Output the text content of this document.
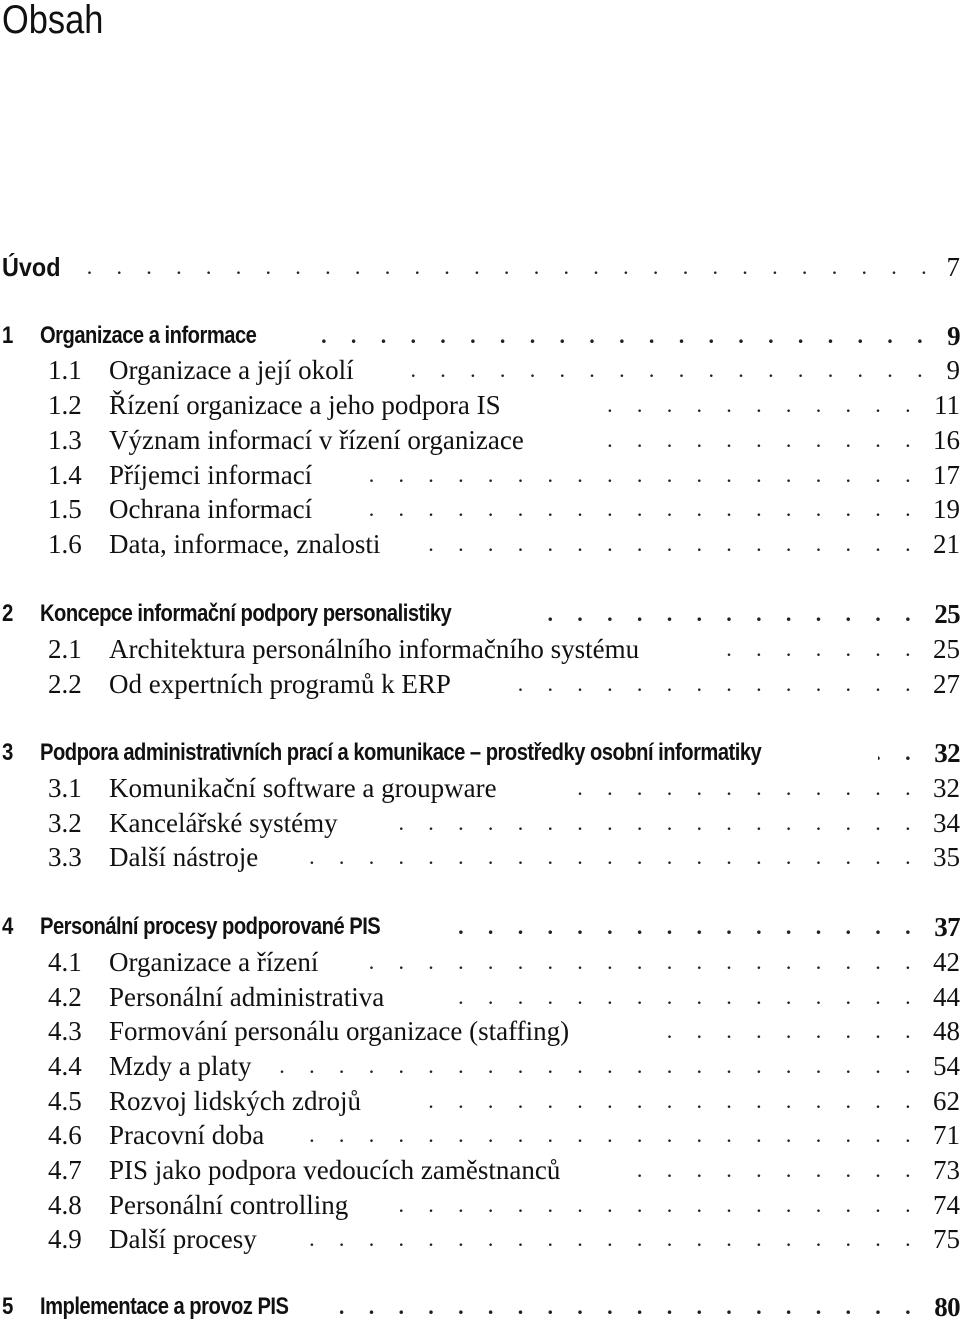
Obsah
Úvod . . .	7
1 Organizace a informace . . .	9
1.1 Organizace a její okolí . . .	9
1.2 Řízení organizace a jeho podpora IS . . .	11
1.3 Význam informací v řízení organizace . . .	16
1.4 Příjemci informací . . .	17
1.5 Ochrana informací . . .	19
1.6 Data, informace, znalosti . . .	21
2 Koncepce informační podpory personalistiky . . .	25
2.1 Architektura personálního informačního systému . . .	25
2.2 Od expertních programů k ERP . . .	27
3 Podpora administrativních prací a komunikace – prostředky osobní informatiky . . .	32
3.1 Komunikační software a groupware . . .	32
3.2 Kancelářské systémy . . .	34
3.3 Další nástroje . . .	35
4 Personální procesy podporované PIS . . .	37
4.1 Organizace a řízení . . .	42
4.2 Personální administrativa . . .	44
4.3 Formování personálu organizace (staffing) . . .	48
4.4 Mzdy a platy . . .	54
4.5 Rozvoj lidských zdrojů . . .	62
4.6 Pracovní doba . . .	71
4.7 PIS jako podpora vedoucích zaměstnanců . . .	73
4.8 Personální controlling . . .	74
4.9 Další procesy . . .	75
5 Implementace a provoz PIS . . .	80
